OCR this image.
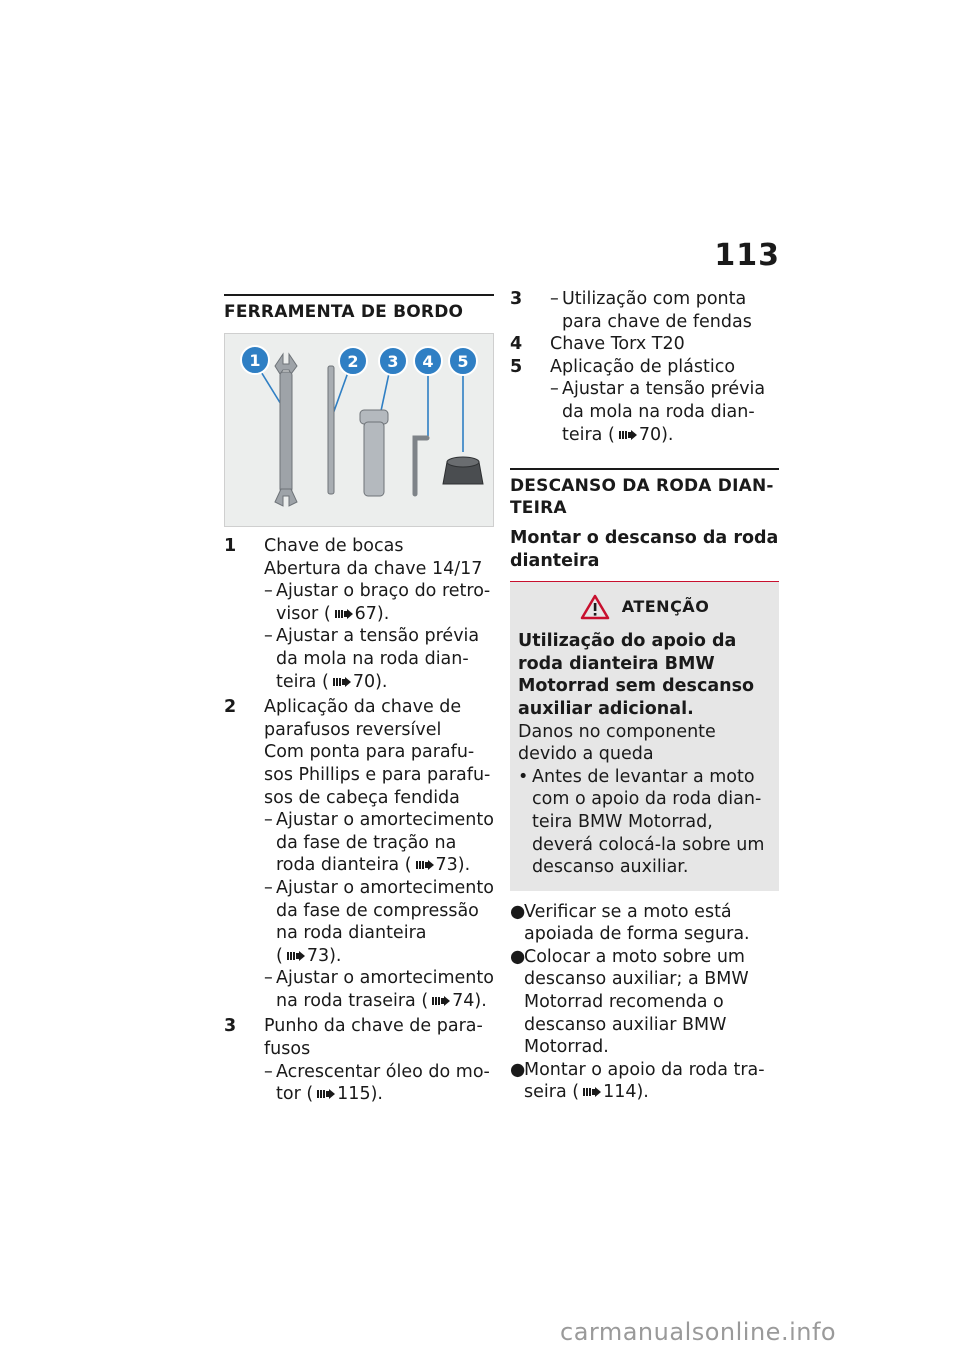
113
FERRAMENTA DE BORDO
1	2 3 4 5
1	Chave de bocas
Abertura da chave 14/17
– Ajustar o braço do retrovisor ( 67).
– Ajustar a tensão prévia da mola na roda dianteira ( 70).
2	Aplicação da chave de parafusos reversível
Com ponta para parafusos Phillips e para parafusos de cabeça fendida
– Ajustar o amortecimento da fase de tração na roda dianteira ( 73).
– Ajustar o amortecimento da fase de compressão na roda dianteira ( 73).
– Ajustar o amortecimento na roda traseira ( 74).
3	Punho da chave de parafusos
– Acrescentar óleo do motor ( 115).
3	– Utilização com ponta para chave de fendas
4	Chave Torx T20
5	Aplicação de plástico
– Ajustar a tensão prévia da mola na roda dianteira ( 70).
DESCANSO DA RODA DIANTEIRA
Montar o descanso da roda dianteira
ATENÇÃO
Utilização do apoio da roda dianteira BMW Motorrad sem descanso auxiliar adicional.
Danos no componente devido a queda
• Antes de levantar a moto com o apoio da roda dianteira BMW Motorrad, deverá colocá-la sobre um descanso auxiliar.
●
Verificar se a moto está apoiada de forma segura.
●
Colocar a moto sobre um descanso auxiliar; a BMW Motorrad recomenda o descanso auxiliar BMW Motorrad.
●
Montar o apoio da roda traseira ( 114).
carmanualsonline.info
